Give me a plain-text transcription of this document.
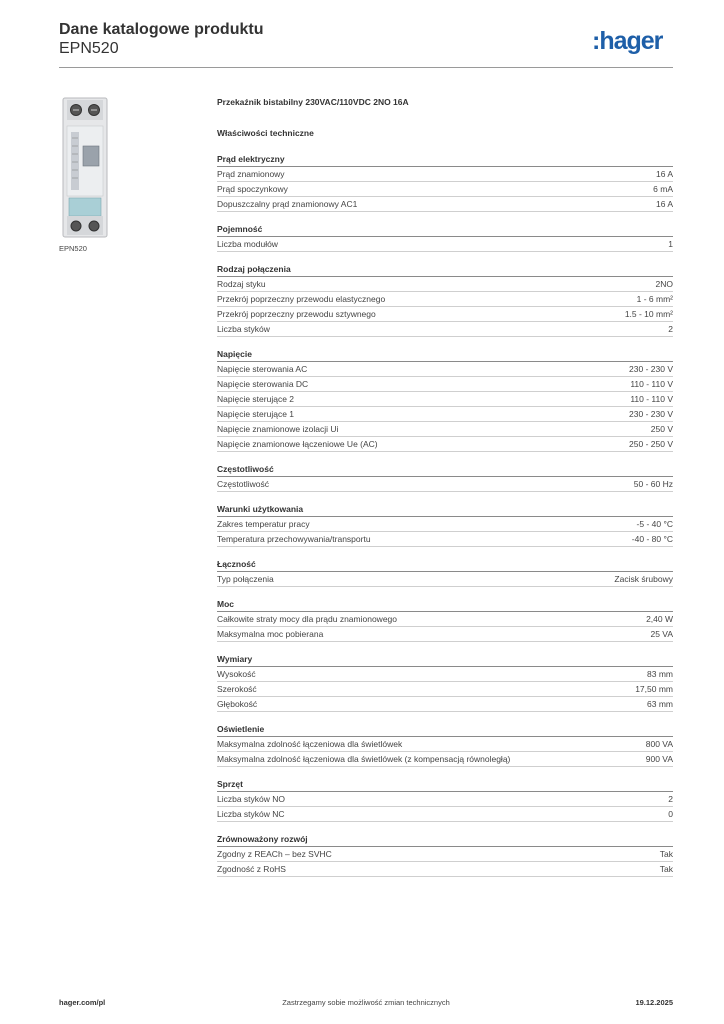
Dane katalogowe produktu
EPN520	:hager
EPN520
Przekaźnik bistabilny 230VAC/110VDC 2NO 16A
Właściwości techniczne
Prąd elektryczny
Prąd znamionowy	16 A
Prąd spoczynkowy	6 mA
Dopuszczalny prąd znamionowy AC1	16 A
Pojemność
Liczba modułów	1
Rodzaj połączenia
Rodzaj styku	2NO
Przekrój poprzeczny przewodu elastycznego	1 - 6 mm²
Przekrój poprzeczny przewodu sztywnego	1.5 - 10 mm²
Liczba styków	2
Napięcie
Napięcie sterowania AC	230 - 230 V
Napięcie sterowania DC	110 - 110 V
Napięcie sterujące 2	110 - 110 V
Napięcie sterujące 1	230 - 230 V
Napięcie znamionowe izolacji Ui	250 V
Napięcie znamionowe łączeniowe Ue (AC)	250 - 250 V
Częstotliwość
Częstotliwość	50 - 60 Hz
Warunki użytkowania
Zakres temperatur pracy	-5 - 40 °C
Temperatura przechowywania/transportu	-40 - 80 °C
Łączność
Typ połączenia	Zacisk śrubowy
Moc
Całkowite straty mocy dla prądu znamionowego	2,40 W
Maksymalna moc pobierana	25 VA
Wymiary
Wysokość	83 mm
Szerokość	17,50 mm
Głębokość	63 mm
Oświetlenie
Maksymalna zdolność łączeniowa dla świetlówek	800 VA
Maksymalna zdolność łączeniowa dla świetlówek (z kompensacją równoległą)	900 VA
Sprzęt
Liczba styków NO	2
Liczba styków NC	0
Zrównoważony rozwój
Zgodny z REACh – bez SVHC	Tak
Zgodność z RoHS	Tak
Zastrzegamy sobie możliwość zmian technicznych
hager.com/pl	19.12.2025
